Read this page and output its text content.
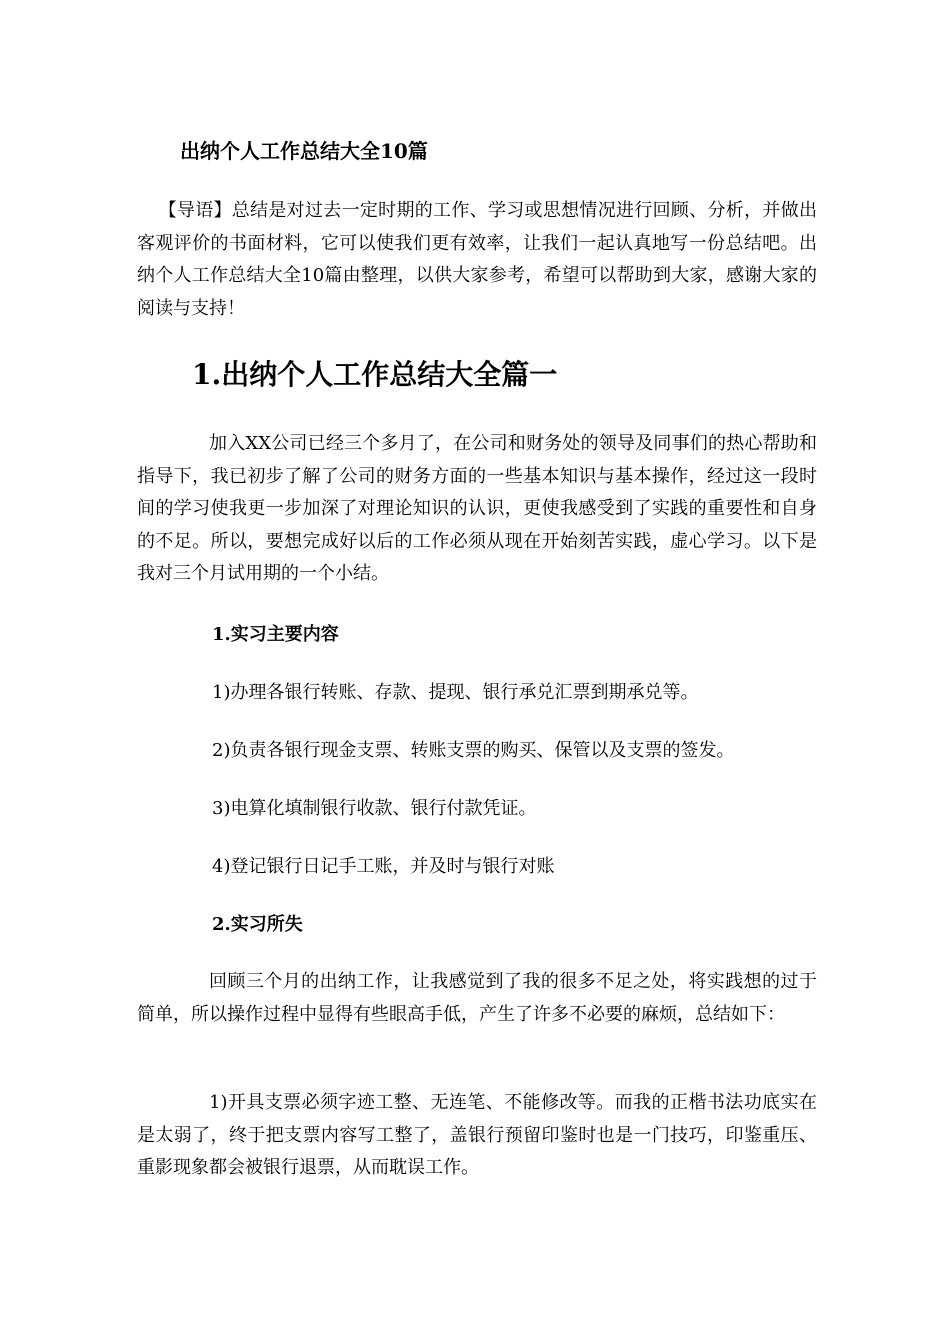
出纳个人工作总结大全10篇

【导语】总结是对过去一定时期的工作、学习或思想情况进行回顾、分析，并做出客观评价的书面材料，它可以使我们更有效率，让我们一起认真地写一份总结吧。出纳个人工作总结大全10篇由整理，以供大家参考，希望可以帮助到大家，感谢大家的阅读与支持！

1.出纳个人工作总结大全篇一

加入XX公司已经三个多月了，在公司和财务处的领导及同事们的热心帮助和指导下，我已初步了解了公司的财务方面的一些基本知识与基本操作，经过这一段时间的学习使我更一步加深了对理论知识的认识，更使我感受到了实践的重要性和自身的不足。所以，要想完成好以后的工作必须从现在开始刻苦实践，虚心学习。以下是我对三个月试用期的一个小结。

1.实习主要内容
1)办理各银行转账、存款、提现、银行承兑汇票到期承兑等。
2)负责各银行现金支票、转账支票的购买、保管以及支票的签发。
3)电算化填制银行收款、银行付款凭证。
4)登记银行日记手工账，并及时与银行对账
2.实习所失

回顾三个月的出纳工作，让我感觉到了我的很多不足之处，将实践想的过于简单，所以操作过程中显得有些眼高手低，产生了许多不必要的麻烦，总结如下：

1)开具支票必须字迹工整、无连笔、不能修改等。而我的正楷书法功底实在是太弱了，终于把支票内容写工整了，盖银行预留印鉴时也是一门技巧，印鉴重压、重影现象都会被银行退票，从而耽误工作。
